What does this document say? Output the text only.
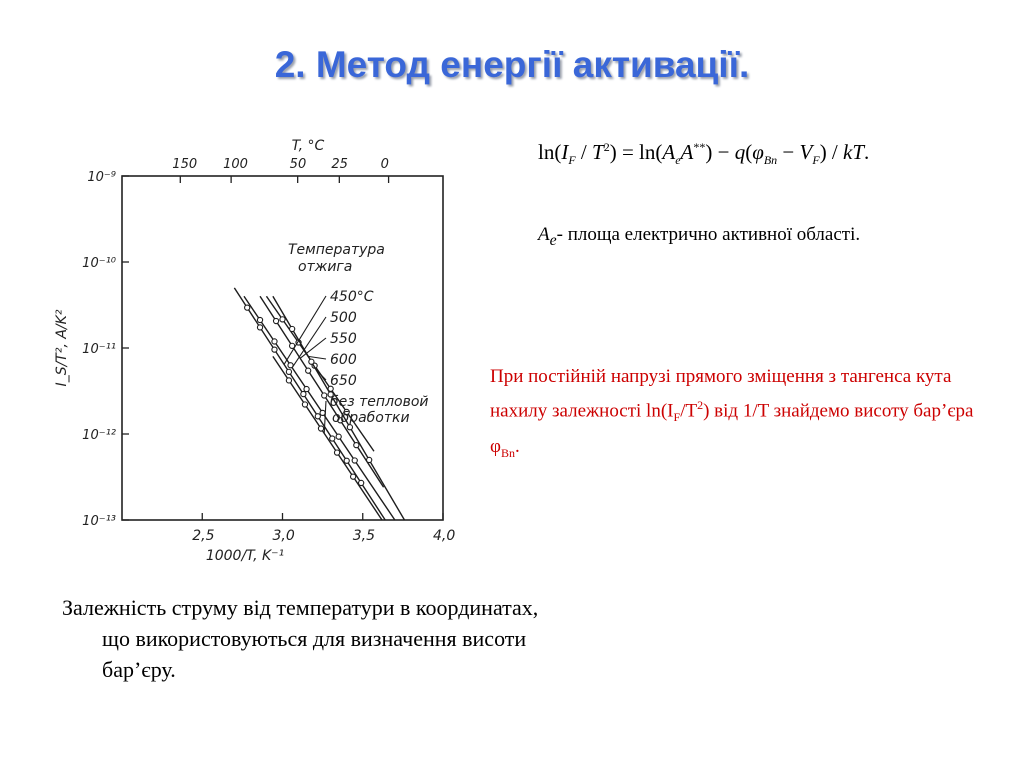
2. Метод енергії активації.
2,5	3,0	3,5	4,0
1000/T, K⁻¹
10⁻⁹
10⁻¹⁰
10⁻¹¹
10⁻¹²
10⁻¹³
I_S/T², A/K²
150 100	50 25	0
T, °C
Температура
отжига
450°C
500
550
600
650
без тепловой
обработки
$\ln(I_F / T^2) = \ln(A_eA^{**}) - q(\varphi_{Bn} - V_F)$ / kT.
$A_e-$ площа електрично активної області.
При постійній напрузі прямого зміщення з тангенса кута нахилу залежності $\ln(I_F/T^2)$ від 1/T знайдемо висоту бар’єра $\varphi_{Bn}$.
Залежність струму від температури в координатах, що використовуються для визначення висоти бар’єру.
